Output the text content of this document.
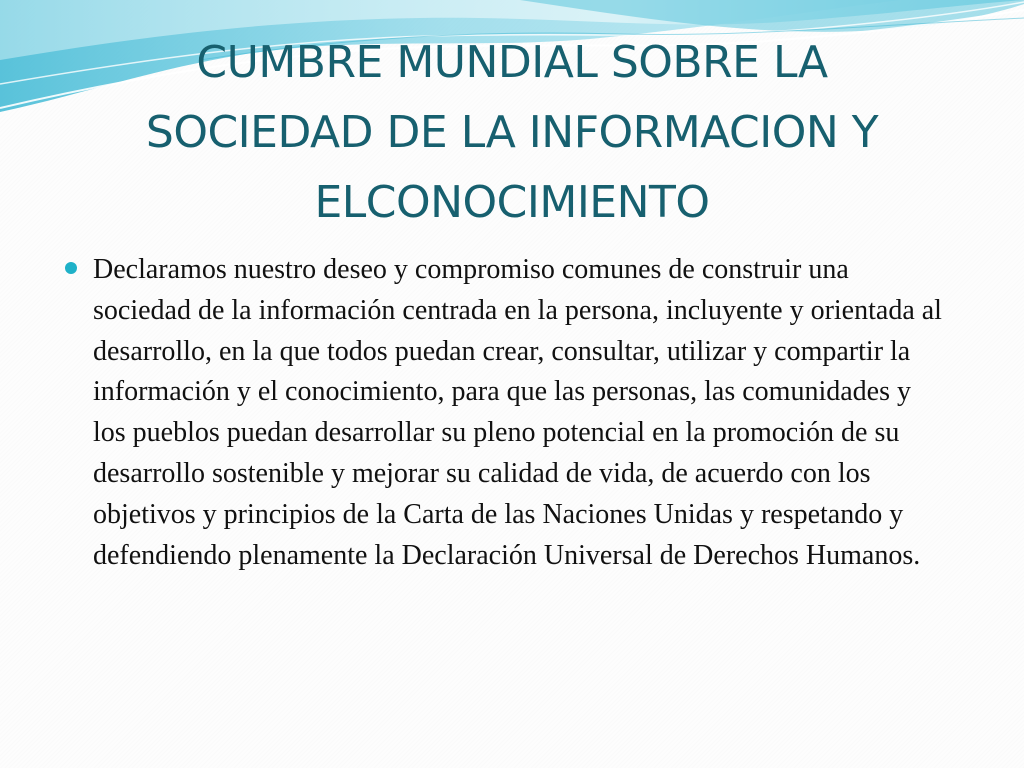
CUMBRE MUNDIAL SOBRE LA
SOCIEDAD DE LA INFORMACION Y
ELCONOCIMIENTO
Declaramos nuestro deseo y compromiso comunes de construir una sociedad de la información centrada en la persona, incluyente y orientada al desarrollo, en la que todos puedan crear, consultar, utilizar y compartir la información y el conocimiento, para que las personas, las comunidades y los pueblos puedan desarrollar su pleno potencial en la promoción de su desarrollo sostenible y mejorar su calidad de vida, de acuerdo con los objetivos y principios de la Carta de las Naciones Unidas y respetando y defendiendo plenamente la Declaración Universal de Derechos Humanos.
